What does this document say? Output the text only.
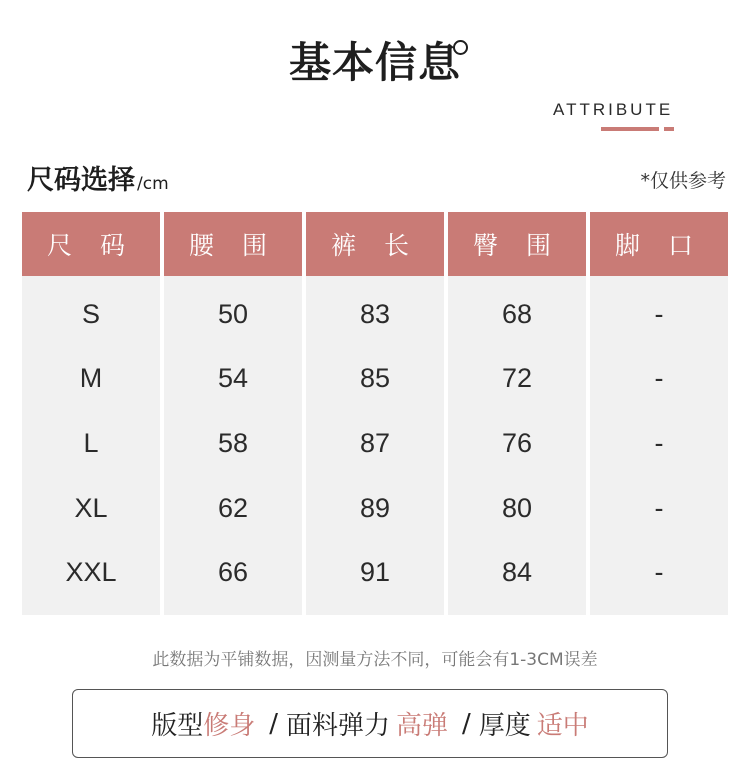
基本信息
ATTRIBUTE
尺码选择 /cm	*仅供参考
尺 码	腰 围	裤 长	臀 围	脚 口
S	50	83	68	-
M	54	85	72	-
L	58	87	76	-
XL	62	89	80	-
XXL	66	91	84	-
此数据为平铺数据，因测量方法不同，可能会有1-3CM误差
版型 修身 / 面料弹力 高弹 / 厚度 适中
